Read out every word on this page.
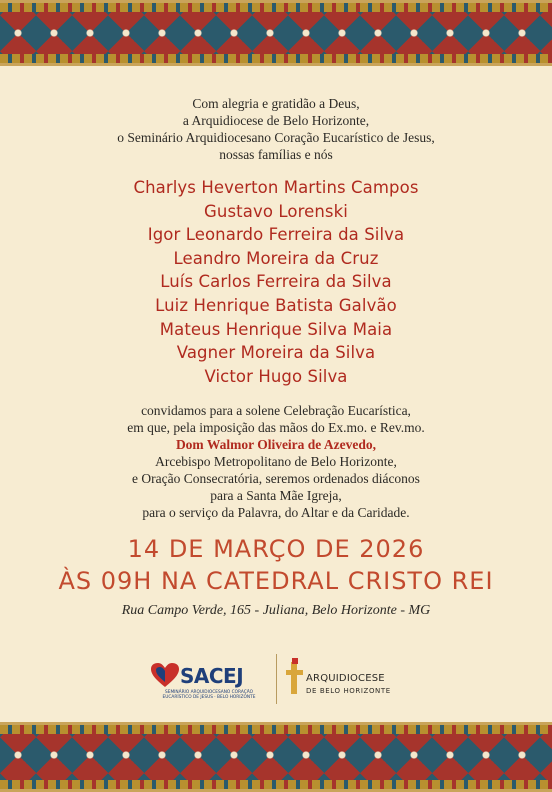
Com alegria e gratidão a Deus,
a Arquidiocese de Belo Horizonte,
o Seminário Arquidiocesano Coração Eucarístico de Jesus,
nossas famílias e nós
Charlys Heverton Martins Campos
Gustavo Lorenski
Igor Leonardo Ferreira da Silva
Leandro Moreira da Cruz
Luís Carlos Ferreira da Silva
Luiz Henrique Batista Galvão
Mateus Henrique Silva Maia
Vagner Moreira da Silva
Victor Hugo Silva
convidamos para a solene Celebração Eucarística,
em que, pela imposição das mãos do Ex.mo. e Rev.mo.
Dom Walmor Oliveira de Azevedo,
Arcebispo Metropolitano de Belo Horizonte,
e Oração Consecratória, seremos ordenados diáconos
para a Santa Mãe Igreja,
para o serviço da Palavra, do Altar e da Caridade.
14 DE MARÇO DE 2026
ÀS 09H NA CATEDRAL CRISTO REI
Rua Campo Verde, 165 - Juliana, Belo Horizonte - MG
SACEJ
SEMINÁRIO ARQUIDIOCESANO CORAÇÃO
EUCARÍSTICO DE JESUS · BELO HORIZONTE
ARQUIDIOCESE
DE BELO HORIZONTE
